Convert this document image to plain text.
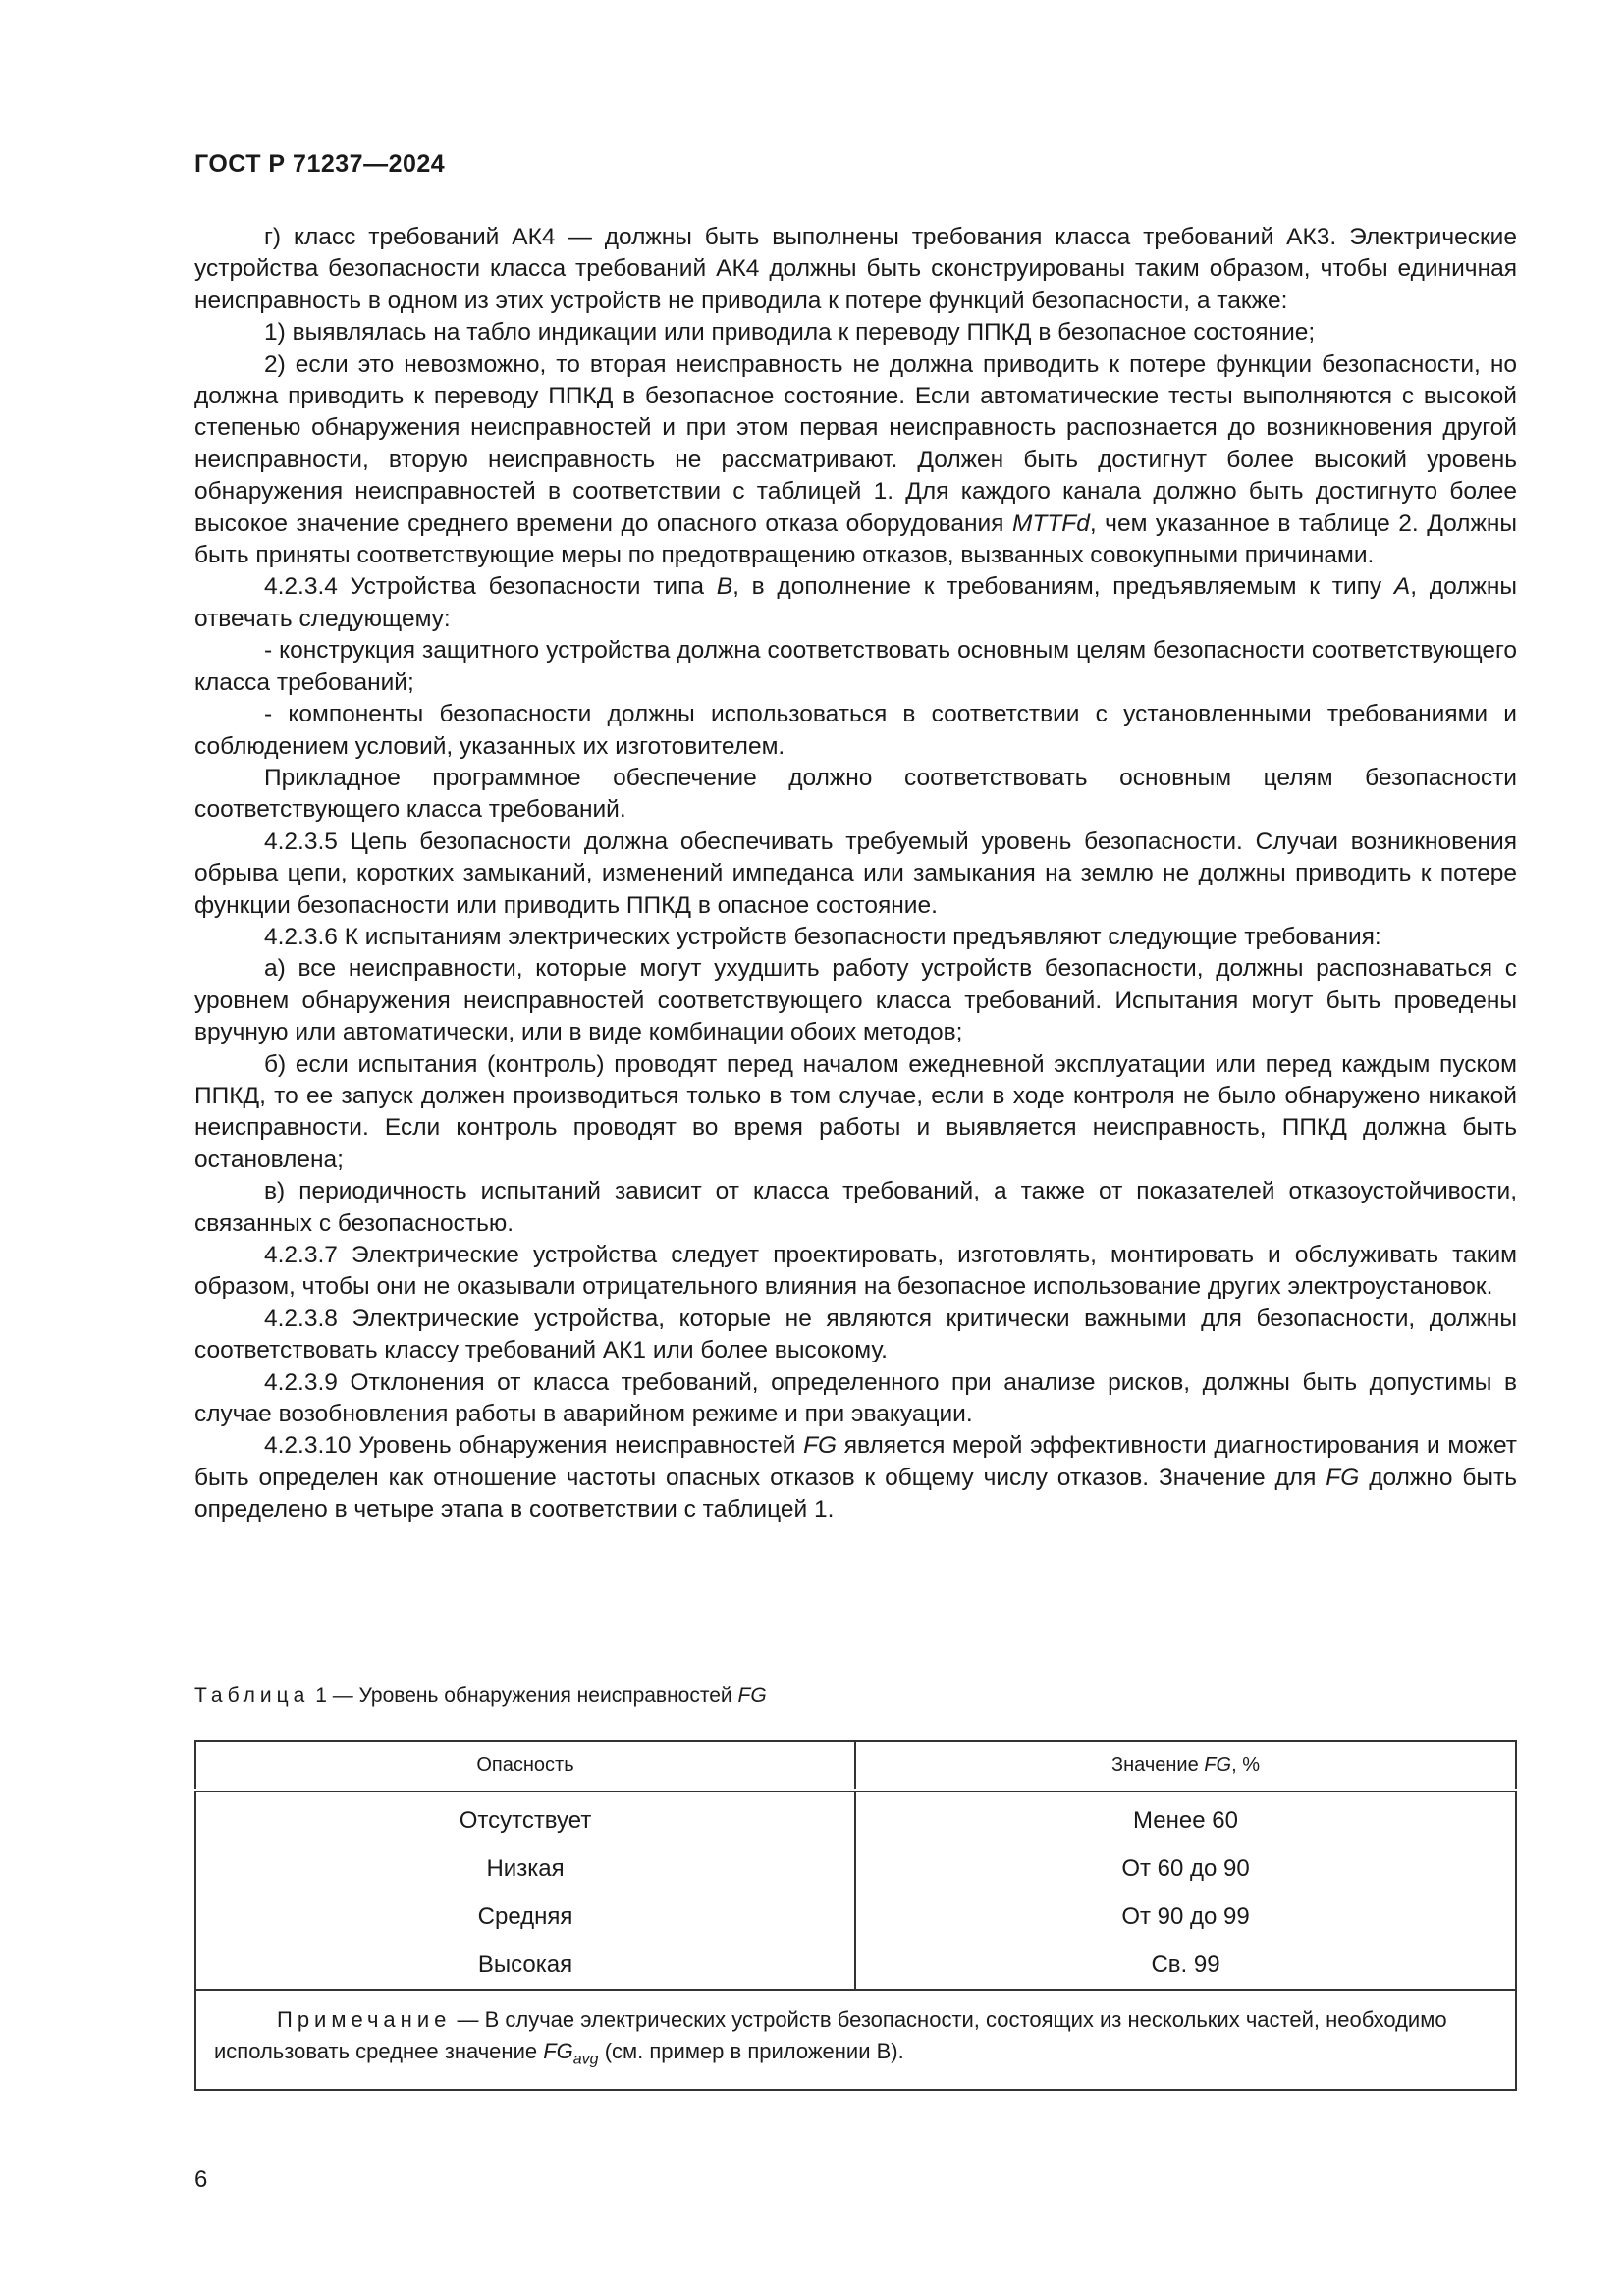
ГОСТ Р 71237—2024

г) класс требований АК4 — должны быть выполнены требования класса требований АК3. Электрические устройства безопасности класса требований АК4 должны быть сконструированы таким образом, чтобы единичная неисправность в одном из этих устройств не приводила к потере функций безопасности, а также:

1) выявлялась на табло индикации или приводила к переводу ППКД в безопасное состояние;

2) если это невозможно, то вторая неисправность не должна приводить к потере функции безопасности, но должна приводить к переводу ППКД в безопасное состояние. Если автоматические тесты выполняются с высокой степенью обнаружения неисправностей и при этом первая неисправность распознается до возникновения другой неисправности, вторую неисправность не рассматривают. Должен быть достигнут более высокий уровень обнаружения неисправностей в соответствии с таблицей 1. Для каждого канала должно быть достигнуто более высокое значение среднего времени до опасного отказа оборудования MTTFd, чем указанное в таблице 2. Должны быть приняты соответствующие меры по предотвращению отказов, вызванных совокупными причинами.

4.2.3.4 Устройства безопасности типа B, в дополнение к требованиям, предъявляемым к типу A, должны отвечать следующему:

- конструкция защитного устройства должна соответствовать основным целям безопасности соответствующего класса требований;

- компоненты безопасности должны использоваться в соответствии с установленными требованиями и соблюдением условий, указанных их изготовителем.

Прикладное программное обеспечение должно соответствовать основным целям безопасности соответствующего класса требований.

4.2.3.5 Цепь безопасности должна обеспечивать требуемый уровень безопасности. Случаи возникновения обрыва цепи, коротких замыканий, изменений импеданса или замыкания на землю не должны приводить к потере функции безопасности или приводить ППКД в опасное состояние.

4.2.3.6 К испытаниям электрических устройств безопасности предъявляют следующие требования:

а) все неисправности, которые могут ухудшить работу устройств безопасности, должны распознаваться с уровнем обнаружения неисправностей соответствующего класса требований. Испытания могут быть проведены вручную или автоматически, или в виде комбинации обоих методов;

б) если испытания (контроль) проводят перед началом ежедневной эксплуатации или перед каждым пуском ППКД, то ее запуск должен производиться только в том случае, если в ходе контроля не было обнаружено никакой неисправности. Если контроль проводят во время работы и выявляется неисправность, ППКД должна быть остановлена;

в) периодичность испытаний зависит от класса требований, а также от показателей отказоустойчивости, связанных с безопасностью.

4.2.3.7 Электрические устройства следует проектировать, изготовлять, монтировать и обслуживать таким образом, чтобы они не оказывали отрицательного влияния на безопасное использование других электроустановок.

4.2.3.8 Электрические устройства, которые не являются критически важными для безопасности, должны соответствовать классу требований АК1 или более высокому.

4.2.3.9 Отклонения от класса требований, определенного при анализе рисков, должны быть допустимы в случае возобновления работы в аварийном режиме и при эвакуации.

4.2.3.10 Уровень обнаружения неисправностей FG является мерой эффективности диагностирования и может быть определен как отношение частоты опасных отказов к общему числу отказов. Значение для FG должно быть определено в четыре этапа в соответствии с таблицей 1.

Таблица 1 — Уровень обнаружения неисправностей FG
Опасность	Значение FG, %
Отсутствует	Менее 60
Низкая	От 60 до 90
Средняя	От 90 до 99
Высокая	Св. 99
Примечание — В случае электрических устройств безопасности, состоящих из нескольких частей, необходимо использовать среднее значение $FG_{avg}$ (см. пример в приложении В).	
6
